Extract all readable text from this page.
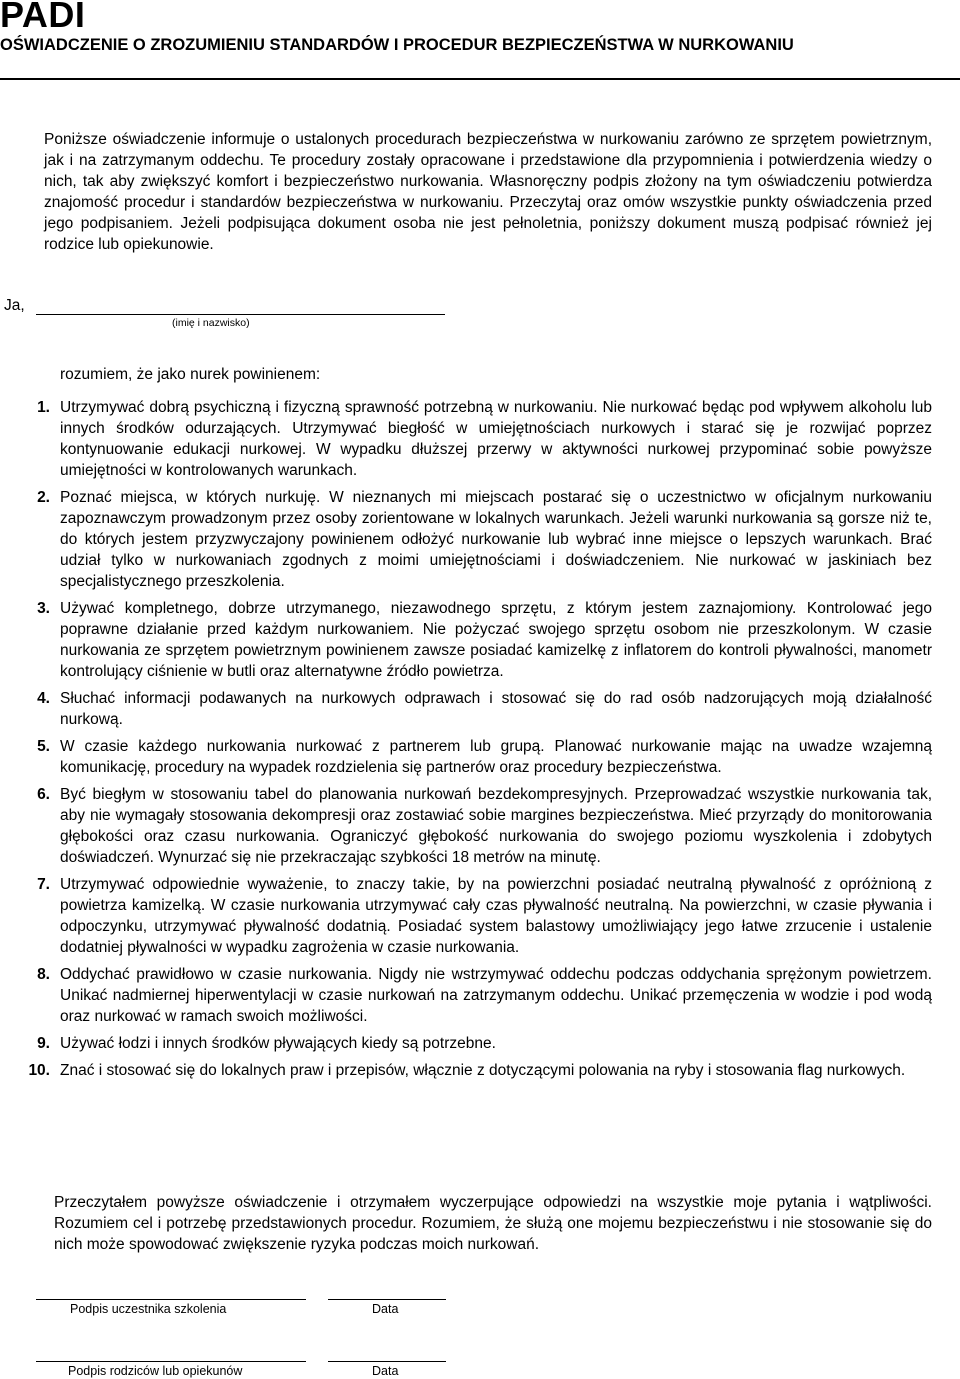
PADI
OŚWIADCZENIE O ZROZUMIENIU STANDARDÓW I PROCEDUR BEZPIECZEŃSTWA W NURKOWANIU

Poniższe oświadczenie informuje o ustalonych procedurach bezpieczeństwa w nurkowaniu zarówno ze sprzętem powietrznym, jak i na zatrzymanym oddechu. Te procedury zostały opracowane i przedstawione dla przypomnienia i potwierdzenia wiedzy o nich, tak aby zwiększyć komfort i bezpieczeństwo nurkowania. Własnoręczny podpis złożony na tym oświadczeniu potwierdza znajomość procedur i standardów bezpieczeństwa w nurkowaniu. Przeczytaj oraz omów wszystkie punkty oświadczenia przed jego podpisaniem. Jeżeli podpisująca dokument osoba nie jest pełnoletnia, poniższy dokument muszą podpisać również jej rodzice lub opiekunowie.

Ja,
(imię i nazwisko)
rozumiem, że jako nurek powinienem:
1. Utrzymywać dobrą psychiczną i fizyczną sprawność potrzebną w nurkowaniu. Nie nurkować będąc pod wpływem alkoholu lub innych środków odurzających. Utrzymywać biegłość w umiejętnościach nurkowych i starać się je rozwijać poprzez kontynuowanie edukacji nurkowej. W wypadku dłuższej przerwy w aktywności nurkowej przypominać sobie powyższe umiejętności w kontrolowanych warunkach.

2. Poznać miejsca, w których nurkuję. W nieznanych mi miejscach postarać się o uczestnictwo w oficjalnym nurkowaniu zapoznawczym prowadzonym przez osoby zorientowane w lokalnych warunkach. Jeżeli warunki nurkowania są gorsze niż te, do których jestem przyzwyczajony powinienem odłożyć nurkowanie lub wybrać inne miejsce o lepszych warunkach. Brać udział tylko w nurkowaniach zgodnych z moimi umiejętnościami i doświadczeniem. Nie nurkować w jaskiniach bez specjalistycznego przeszkolenia.

3. Używać kompletnego, dobrze utrzymanego, niezawodnego sprzętu, z którym jestem zaznajomiony. Kontrolować jego poprawne działanie przed każdym nurkowaniem. Nie pożyczać swojego sprzętu osobom nie przeszkolonym. W czasie nurkowania ze sprzętem powietrznym powinienem zawsze posiadać kamizelkę z inflatorem do kontroli pływalności, manometr kontrolujący ciśnienie w butli oraz alternatywne źródło powietrza.

4. Słuchać informacji podawanych na nurkowych odprawach i stosować się do rad osób nadzorujących moją działalność nurkową.

5. W czasie każdego nurkowania nurkować z partnerem lub grupą. Planować nurkowanie mając na uwadze wzajemną komunikację, procedury na wypadek rozdzielenia się partnerów oraz procedury bezpieczeństwa.

6. Być biegłym w stosowaniu tabel do planowania nurkowań bezdekompresyjnych. Przeprowadzać wszystkie nurkowania tak, aby nie wymagały stosowania dekompresji oraz zostawiać sobie margines bezpieczeństwa. Mieć przyrządy do monitorowania głębokości oraz czasu nurkowania. Ograniczyć głębokość nurkowania do swojego poziomu wyszkolenia i zdobytych doświadczeń. Wynurzać się nie przekraczając szybkości 18 metrów na minutę.

7. Utrzymywać odpowiednie wyważenie, to znaczy takie, by na powierzchni posiadać neutralną pływalność z opróżnioną z powietrza kamizelką. W czasie nurkowania utrzymywać cały czas pływalność neutralną. Na powierzchni, w czasie pływania i odpoczynku, utrzymywać pływalność dodatnią. Posiadać system balastowy umożliwiający jego łatwe zrzucenie i ustalenie dodatniej pływalności w wypadku zagrożenia w czasie nurkowania.

8. Oddychać prawidłowo w czasie nurkowania. Nigdy nie wstrzymywać oddechu podczas oddychania sprężonym powietrzem. Unikać nadmiernej hiperwentylacji w czasie nurkowań na zatrzymanym oddechu. Unikać przemęczenia w wodzie i pod wodą oraz nurkować w ramach swoich możliwości.

9. Używać łodzi i innych środków pływających kiedy są potrzebne.

10. Znać i stosować się do lokalnych praw i przepisów, włącznie z dotyczącymi polowania na ryby i stosowania flag nurkowych.

Przeczytałem powyższe oświadczenie i otrzymałem wyczerpujące odpowiedzi na wszystkie moje pytania i wątpliwości. Rozumiem cel i potrzebę przedstawionych procedur. Rozumiem, że służą one mojemu bezpieczeństwu i nie stosowanie się do nich może spowodować zwiększenie ryzyka podczas moich nurkowań.

Podpis uczestnika szkolenia	Data
Podpis rodziców lub opiekunów	Data
